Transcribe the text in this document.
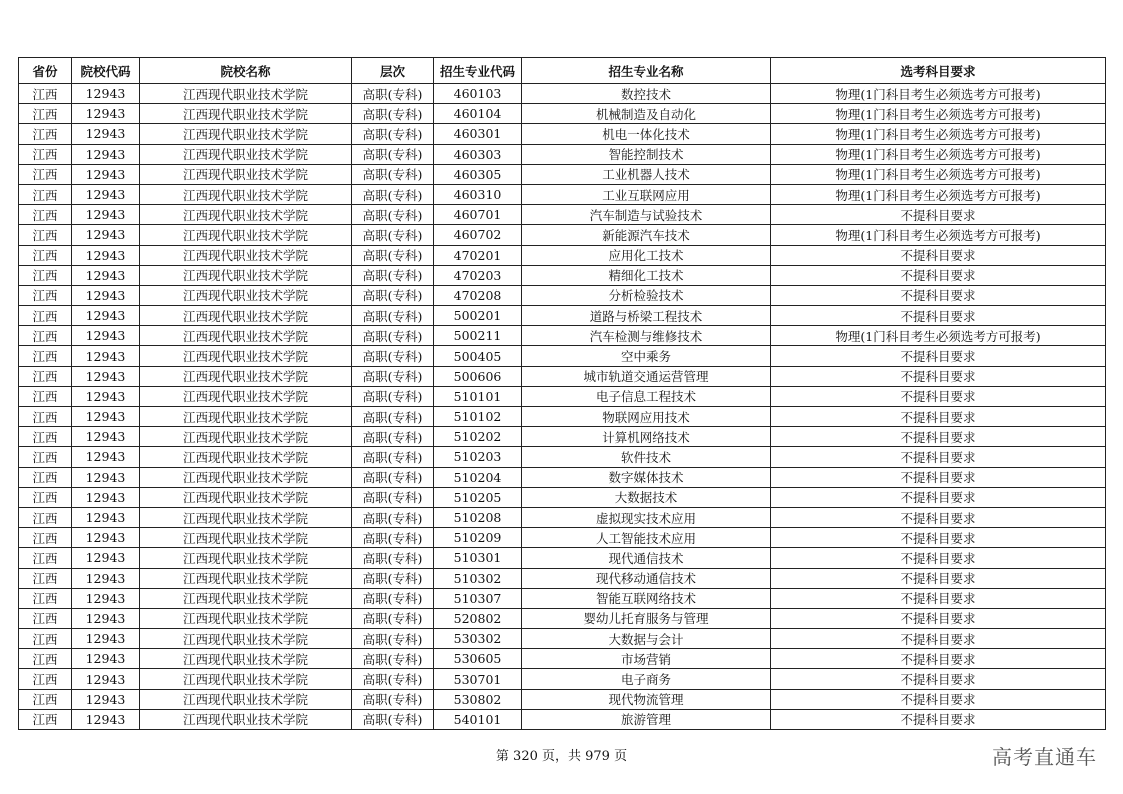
省份	院校代码	院校名称	层次	招生专业代码	招生专业名称	选考科目要求
江西	12943	江西现代职业技术学院	高职(专科)	460103	数控技术	物理(1门科目考生必须选考方可报考)
江西	12943	江西现代职业技术学院	高职(专科)	460104	机械制造及自动化	物理(1门科目考生必须选考方可报考)
江西	12943	江西现代职业技术学院	高职(专科)	460301	机电一体化技术	物理(1门科目考生必须选考方可报考)
江西	12943	江西现代职业技术学院	高职(专科)	460303	智能控制技术	物理(1门科目考生必须选考方可报考)
江西	12943	江西现代职业技术学院	高职(专科)	460305	工业机器人技术	物理(1门科目考生必须选考方可报考)
江西	12943	江西现代职业技术学院	高职(专科)	460310	工业互联网应用	物理(1门科目考生必须选考方可报考)
江西	12943	江西现代职业技术学院	高职(专科)	460701	汽车制造与试验技术	不提科目要求
江西	12943	江西现代职业技术学院	高职(专科)	460702	新能源汽车技术	物理(1门科目考生必须选考方可报考)
江西	12943	江西现代职业技术学院	高职(专科)	470201	应用化工技术	不提科目要求
江西	12943	江西现代职业技术学院	高职(专科)	470203	精细化工技术	不提科目要求
江西	12943	江西现代职业技术学院	高职(专科)	470208	分析检验技术	不提科目要求
江西	12943	江西现代职业技术学院	高职(专科)	500201	道路与桥梁工程技术	不提科目要求
江西	12943	江西现代职业技术学院	高职(专科)	500211	汽车检测与维修技术	物理(1门科目考生必须选考方可报考)
江西	12943	江西现代职业技术学院	高职(专科)	500405	空中乘务	不提科目要求
江西	12943	江西现代职业技术学院	高职(专科)	500606	城市轨道交通运营管理	不提科目要求
江西	12943	江西现代职业技术学院	高职(专科)	510101	电子信息工程技术	不提科目要求
江西	12943	江西现代职业技术学院	高职(专科)	510102	物联网应用技术	不提科目要求
江西	12943	江西现代职业技术学院	高职(专科)	510202	计算机网络技术	不提科目要求
江西	12943	江西现代职业技术学院	高职(专科)	510203	软件技术	不提科目要求
江西	12943	江西现代职业技术学院	高职(专科)	510204	数字媒体技术	不提科目要求
江西	12943	江西现代职业技术学院	高职(专科)	510205	大数据技术	不提科目要求
江西	12943	江西现代职业技术学院	高职(专科)	510208	虚拟现实技术应用	不提科目要求
江西	12943	江西现代职业技术学院	高职(专科)	510209	人工智能技术应用	不提科目要求
江西	12943	江西现代职业技术学院	高职(专科)	510301	现代通信技术	不提科目要求
江西	12943	江西现代职业技术学院	高职(专科)	510302	现代移动通信技术	不提科目要求
江西	12943	江西现代职业技术学院	高职(专科)	510307	智能互联网络技术	不提科目要求
江西	12943	江西现代职业技术学院	高职(专科)	520802	婴幼儿托育服务与管理	不提科目要求
江西	12943	江西现代职业技术学院	高职(专科)	530302	大数据与会计	不提科目要求
江西	12943	江西现代职业技术学院	高职(专科)	530605	市场营销	不提科目要求
江西	12943	江西现代职业技术学院	高职(专科)	530701	电子商务	不提科目要求
江西	12943	江西现代职业技术学院	高职(专科)	530802	现代物流管理	不提科目要求
江西	12943	江西现代职业技术学院	高职(专科)	540101	旅游管理	不提科目要求
第 320 页，共 979 页	高考直通车
